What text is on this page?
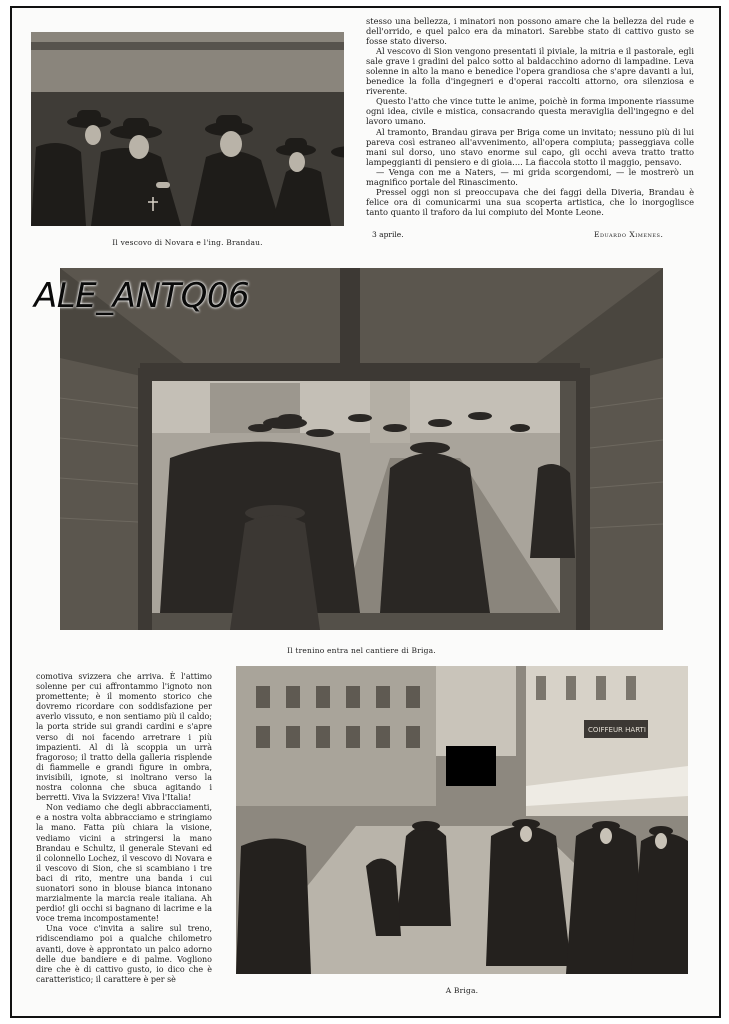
Il vescovo di Novara e l'ing. Brandau.

stesso una bellezza, i minatori non possono amare che la bellezza del rude e dell'orrido, e quel palco era da minatori. Sarebbe stato di cattivo gusto se fosse stato diverso.

Al vescovo di Sion vengono presentati il piviale, la mitria e il pastorale, egli sale grave i gradini del palco sotto al baldacchino adorno di lampadine. Leva solenne in alto la mano e benedice l'opera grandiosa che s'apre davanti a lui, benedice la folla d'ingegneri e d'operai raccolti attorno, ora silenziosa e riverente.

Questo l'atto che vince tutte le anime, poichè in forma imponente riassume ogni idea, civile e mistica, consacrando questa meraviglia dell'ingegno e del lavoro umano.

Al tramonto, Brandau girava per Briga come un invitato; nessuno più di lui pareva così estraneo all'avvenimento, all'opera compiuta; passeggiava colle mani sul dorso, uno stavo enorme sul capo, gli occhi aveva tratto tratto lampeggianti di pensiero e di gioia.... La fiaccola stotto il maggio, pensavo.

— Venga con me a Naters, — mi grida scorgendomi, — le mostrerò un magnifico portale del Rinascimento.

Pressel oggi non si preoccupava che dei faggi della Diveria, Brandau è felice ora di comunicarmi una sua scoperta artistica, che lo inorgoglisce tanto quanto il traforo da lui compiuto del Monte Leone.

3 aprile.	Eduardo Ximenes.
ALE_ANTQ06
Il trenino entra nel cantiere di Briga.

comotiva svizzera che arriva. È l'attimo solenne per cui affrontammo l'ignoto non promettente; è il momento storico che dovremo ricordare con soddisfazione per averlo vissuto, e non sentiamo più il caldo; la porta stride sui grandi cardini e s'apre verso di noi facendo arretrare i più impazienti. Al di là scoppia un urrà fragoroso; il tratto della galleria risplende di fiammelle e grandi figure in ombra, invisibili, ignote, si inoltrano verso la nostra colonna che sbuca agitando i berretti. Viva la Svizzera! Viva l'Italia!

Non vediamo che degli abbracciamenti, e a nostra volta abbracciamo e stringiamo la mano. Fatta più chiara la visione, vediamo vicini a stringersi la mano Brandau e Schultz, il generale Stevani ed il colonnello Lochez, il vescovo di Novara e il vescovo di Sion, che si scambiano i tre baci di rito, mentre una banda i cui suonatori sono in blouse bianca intonano marzialmente la marcia reale italiana. Ah perdio! gli occhi si bagnano di lacrime e la voce trema incompostamente!

Una voce c'invita a salire sul treno, ridiscendiamo poi a qualche chilometro avanti, dove è approntato un palco adorno delle due bandiere e di palme. Vogliono dire che è di cattivo gusto, io dico che è caratteristico; il carattere è per sè

COIFFEUR HARTI
A Briga.
